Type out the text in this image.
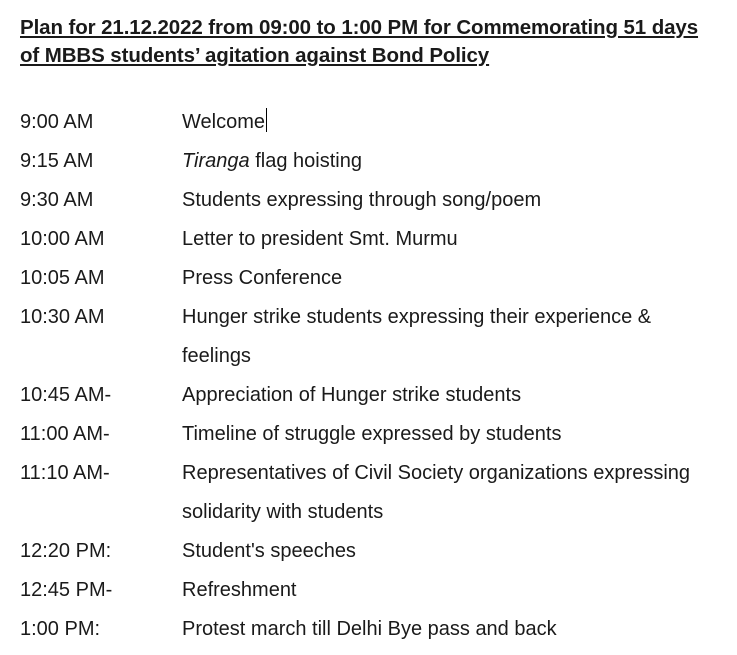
Plan for 21.12.2022 from 09:00 to 1:00 PM for Commemorating 51 days of MBBS students’ agitation against Bond Policy
9:00 AM	Welcome
9:15 AM	Tiranga flag hoisting
9:30 AM	Students expressing through song/poem
10:00 AM	Letter to president Smt. Murmu
10:05 AM	Press Conference
10:30 AM	Hunger strike students expressing their experience & feelings
10:45 AM-	Appreciation of Hunger strike students
11:00 AM-	Timeline of struggle expressed by students
11:10 AM-	Representatives of Civil Society organizations expressing solidarity with students
12:20 PM:	Student's speeches
12:45 PM-	Refreshment
1:00 PM:	Protest march till Delhi Bye pass and back
